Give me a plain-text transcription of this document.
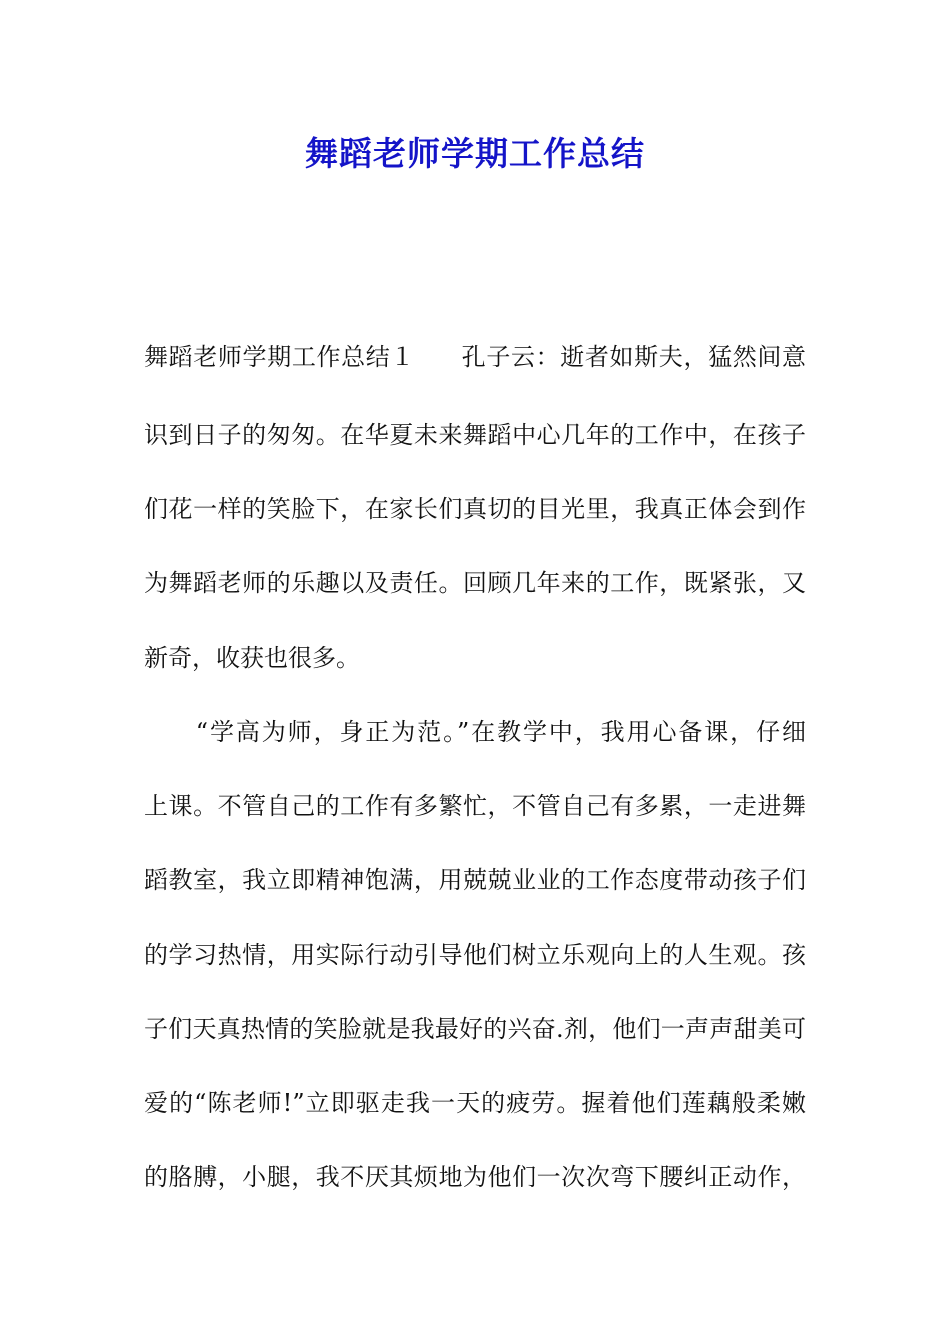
舞蹈老师学期工作总结
舞蹈老师学期工作总结１ 孔子云：逝者如斯夫，猛然间意
识到日子的匆匆。在华夏未来舞蹈中心几年的工作中，在孩子
们花一样的笑脸下，在家长们真切的目光里，我真正体会到作
为舞蹈老师的乐趣以及责任。回顾几年来的工作，既紧张，又
新奇，收获也很多。
　　“学高为师，身正为范。”在教学中，我用心备课，仔细
上课。不管自己的工作有多繁忙，不管自己有多累，一走进舞
蹈教室，我立即精神饱满，用兢兢业业的工作态度带动孩子们
的学习热情，用实际行动引导他们树立乐观向上的人生观。孩
子们天真热情的笑脸就是我最好的兴奋.剂，他们一声声甜美可
爱的“陈老师!”立即驱走我一天的疲劳。握着他们莲藕般柔嫩
的胳膊，小腿，我不厌其烦地为他们一次次弯下腰纠正动作，
